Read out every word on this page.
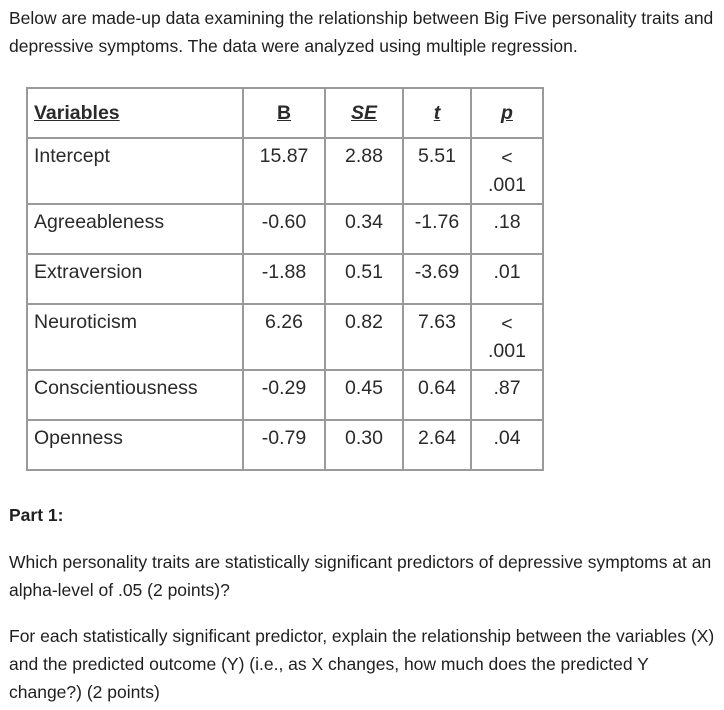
Below are made-up data examining the relationship between Big Five personality traits and depressive symptoms. The data were analyzed using multiple regression.

Variables	B	SE	t	p
Intercept	15.87	2.88	5.51	<
.001

Agreeableness	-0.60	0.34	-1.76	.18
Extraversion	-1.88	0.51	-3.69	.01
Neuroticism	6.26	0.82	7.63	<
.001

Conscientiousness	-0.29	0.45	0.64	.87
Openness	-0.79	0.30	2.64	.04

Part 1:

Which personality traits are statistically significant predictors of depressive symptoms at an alpha-level of .05 (2 points)?

For each statistically significant predictor, explain the relationship between the variables (X) and the predicted outcome (Y) (i.e., as X changes, how much does the predicted Y change?) (2 points)
